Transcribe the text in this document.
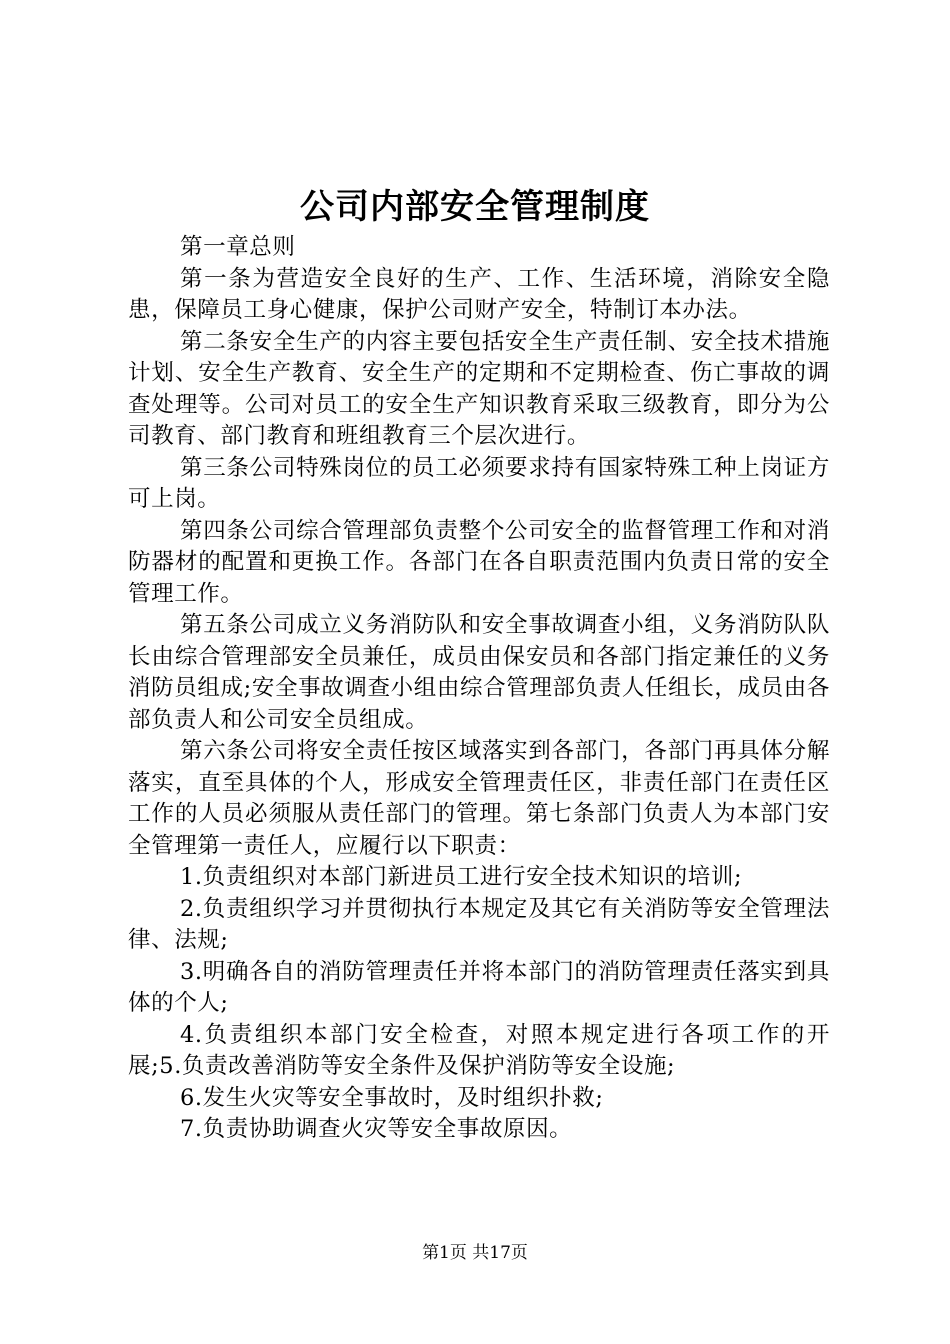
公司内部安全管理制度

第一章总则

第一条为营造安全良好的生产、工作、生活环境，消除安全隐患，保障员工身心健康，保护公司财产安全，特制订本办法。

第二条安全生产的内容主要包括安全生产责任制、安全技术措施计划、安全生产教育、安全生产的定期和不定期检查、伤亡事故的调查处理等。公司对员工的安全生产知识教育采取三级教育，即分为公司教育、部门教育和班组教育三个层次进行。

第三条公司特殊岗位的员工必须要求持有国家特殊工种上岗证方可上岗。

第四条公司综合管理部负责整个公司安全的监督管理工作和对消防器材的配置和更换工作。各部门在各自职责范围内负责日常的安全管理工作。

第五条公司成立义务消防队和安全事故调查小组，义务消防队队长由综合管理部安全员兼任，成员由保安员和各部门指定兼任的义务消防员组成;安全事故调查小组由综合管理部负责人任组长，成员由各部负责人和公司安全员组成。

第六条公司将安全责任按区域落实到各部门，各部门再具体分解落实，直至具体的个人，形成安全管理责任区，非责任部门在责任区工作的人员必须服从责任部门的管理。第七条部门负责人为本部门安全管理第一责任人，应履行以下职责：

1.负责组织对本部门新进员工进行安全技术知识的培训;

2.负责组织学习并贯彻执行本规定及其它有关消防等安全管理法律、法规;

3.明确各自的消防管理责任并将本部门的消防管理责任落实到具体的个人;

4.负责组织本部门安全检查，对照本规定进行各项工作的开展;5.负责改善消防等安全条件及保护消防等安全设施;

6.发生火灾等安全事故时，及时组织扑救;

7.负责协助调查火灾等安全事故原因。

第1页 共17页
